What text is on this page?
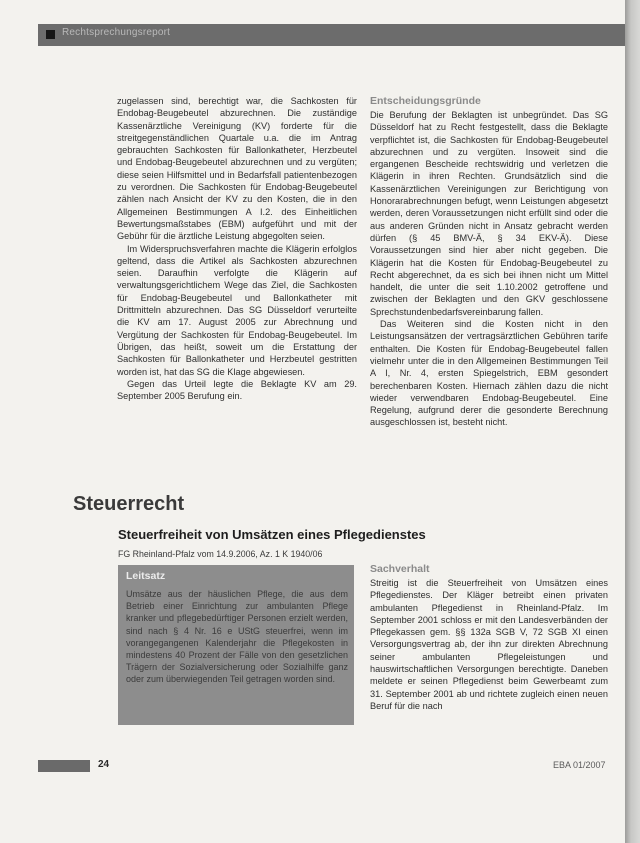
Rechtsprechungsreport

zugelassen sind, berechtigt war, die Sachkosten für Endobag-Beugebeutel abzurechnen. Die zuständige Kassenärztliche Vereinigung (KV) forderte für die streitgegenständlichen Quartale u.a. die im Antrag gebrauchten Sachkosten für Ballonkatheter, Herzbeutel und Endobag-Beugebeutel abzurechnen und zu vergüten; diese seien Hilfsmittel und in Bedarfsfall patientenbezogen zu verordnen. Die Sachkosten für Endobag-Beugebeutel zählen nach Ansicht der KV zu den Kosten, die in den Allgemeinen Bestimmungen A I.2. des Einheitlichen Bewertungsmaßstabes (EBM) aufgeführt und mit der Gebühr für die ärztliche Leistung abgegolten seien.

Im Widerspruchsverfahren machte die Klägerin erfolglos geltend, dass die Artikel als Sachkosten abzurechnen seien. Daraufhin verfolgte die Klägerin auf verwaltungsgerichtlichem Wege das Ziel, die Sachkosten für Endobag-Beugebeutel und Ballonkatheter mit Drittmitteln abzurechnen. Das SG Düsseldorf verurteilte die KV am 17. August 2005 zur Abrechnung und Vergütung der Sachkosten für Endobag-Beugebeutel. Im Übrigen, das heißt, soweit um die Erstattung der Sachkosten für Ballonkatheter und Herzbeutel gestritten worden ist, hat das SG die Klage abgewiesen.

Gegen das Urteil legte die Beklagte KV am 29. September 2005 Berufung ein.

Entscheidungsgründe

Die Berufung der Beklagten ist unbegründet. Das SG Düsseldorf hat zu Recht festgestellt, dass die Beklagte verpflichtet ist, die Sachkosten für Endobag-Beugebeutel abzurechnen und zu vergüten. Insoweit sind die ergangenen Bescheide rechtswidrig und verletzen die Klägerin in ihren Rechten. Grundsätzlich sind die Kassenärztlichen Vereinigungen zur Berichtigung von Honorarabrechnungen befugt, wenn Leistungen abgesetzt werden, deren Voraussetzungen nicht erfüllt sind oder die aus anderen Gründen nicht in Ansatz gebracht werden dürfen (§ 45 BMV-Ä, § 34 EKV-Ä). Diese Voraussetzungen sind hier aber nicht gegeben. Die Klägerin hat die Kosten für Endobag-Beugebeutel zu Recht abgerechnet, da es sich bei ihnen nicht um Mittel handelt, die unter die seit 1.10.2002 getroffene und zwischen der Beklagten und den GKV geschlossene Sprechstundenbedarfsvereinbarung fallen.

Das Weiteren sind die Kosten nicht in den Leistungsansätzen der vertragsärztlichen Gebühren tarife enthalten. Die Kosten für Endobag-Beugebeutel fallen vielmehr unter die in den Allgemeinen Bestimmungen Teil A I, Nr. 4, ersten Spiegelstrich, EBM gesondert berechenbaren Kosten. Hiernach zählen dazu die nicht wieder verwendbaren Endobag-Beugebeutel. Eine Regelung, aufgrund derer die gesonderte Berechnung ausgeschlossen ist, besteht nicht.

Steuerrecht
Steuerfreiheit von Umsätzen eines Pflegedienstes
FG Rheinland-Pfalz vom 14.9.2006, Az. 1 K 1940/06
Leitsatz
Umsätze aus der häuslichen Pflege, die aus dem Betrieb einer Einrichtung zur ambulanten Pflege kranker und pflegebedürftiger Personen erzielt werden, sind nach § 4 Nr. 16 e UStG steuerfrei, wenn im vorangegangenen Kalenderjahr die Pflegekosten in mindestens 40 Prozent der Fälle von den gesetzlichen Trägern der Sozialversicherung oder Sozialhilfe ganz oder zum überwiegenden Teil getragen worden sind.
Sachverhalt

Streitig ist die Steuerfreiheit von Umsätzen eines Pflegedienstes. Der Kläger betreibt einen privaten ambulanten Pflegedienst in Rheinland-Pfalz. Im September 2001 schloss er mit den Landesverbänden der Pflegekassen gem. §§ 132a SGB V, 72 SGB XI einen Versorgungsvertrag ab, der ihn zur direkten Abrechnung seiner ambulanten Pflegeleistungen und hauswirtschaftlichen Versorgungen berechtigte. Daneben meldete er seinen Pflegedienst beim Gewerbeamt zum 31. September 2001 ab und richtete zugleich einen neuen Beruf für die nach

24	EBA 01/2007
